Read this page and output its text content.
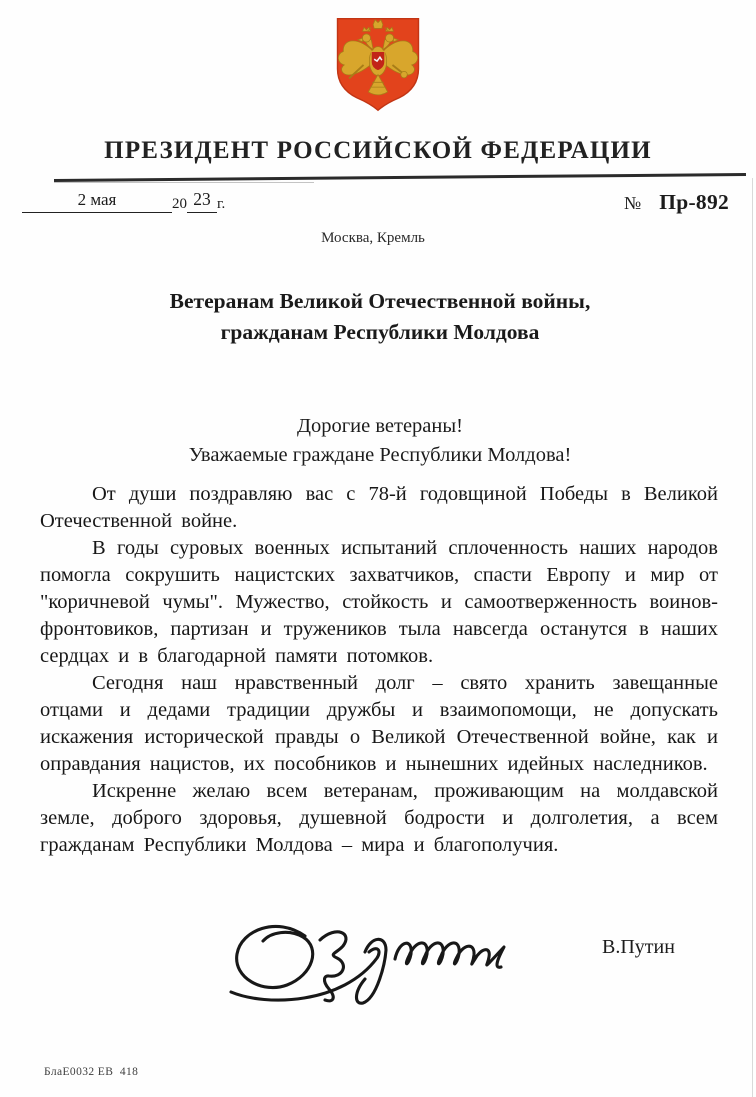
ПРЕЗИДЕНТ РОССИЙСКОЙ ФЕДЕРАЦИИ
2 мая	20 23 г.	№ Пр-892
Москва, Кремль
Ветеранам Великой Отечественной войны,
гражданам Республики Молдова
Дорогие ветераны!
Уважаемые граждане Республики Молдова!

От души поздравляю вас с 78-й годовщиной Победы в Великой Отечественной войне.

В годы суровых военных испытаний сплоченность наших народов помогла сокрушить нацистских захватчиков, спасти Европу и мир от "коричневой чумы". Мужество, стойкость и самоотверженность воинов-фронтовиков, партизан и тружеников тыла навсегда останутся в наших сердцах и в благодарной памяти потомков.

Сегодня наш нравственный долг – свято хранить завещанные отцами и дедами традиции дружбы и взаимопомощи, не допускать искажения исторической правды о Великой Отечественной войне, как и оправдания нацистов, их пособников и нынешних идейных наследников.

Искренне желаю всем ветеранам, проживающим на молдавской земле, доброго здоровья, душевной бодрости и долголетия, а всем гражданам Республики Молдова – мира и благополучия.

В.Путин
БлаЕ0032 ЕВ  418
